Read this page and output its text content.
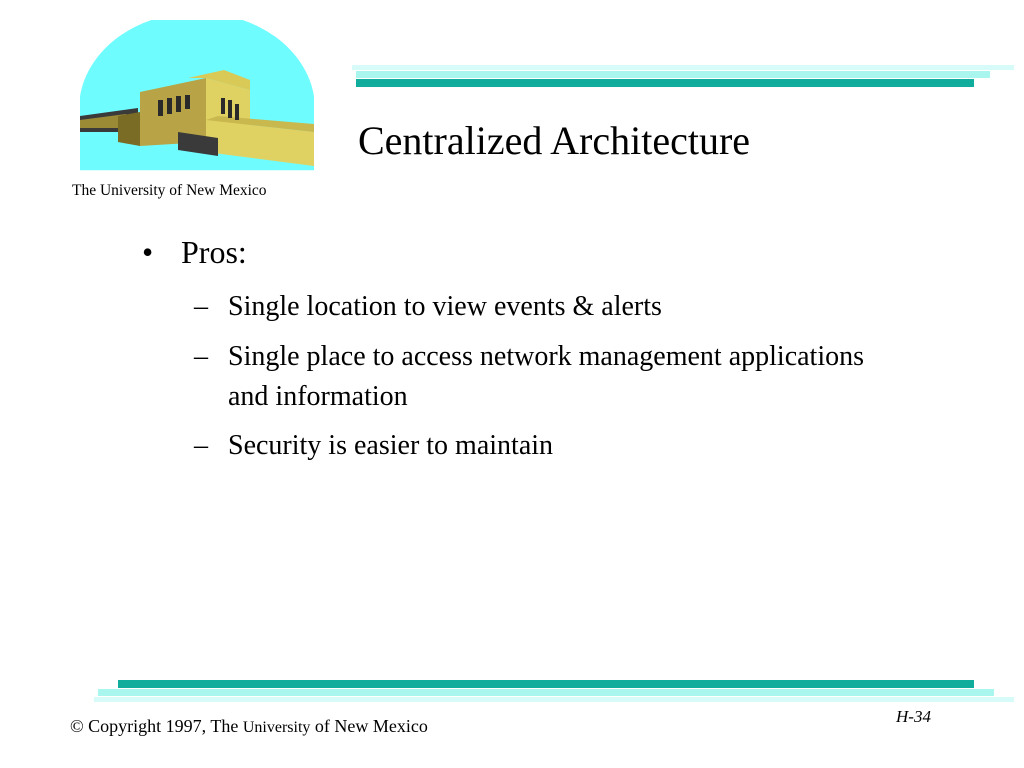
The University of New Mexico
Centralized Architecture
• Pros:
– Single location to view events & alerts
– Single place to access network management applications
and information
– Security is easier to maintain
© Copyright 1997, The University of New Mexico	H-34
